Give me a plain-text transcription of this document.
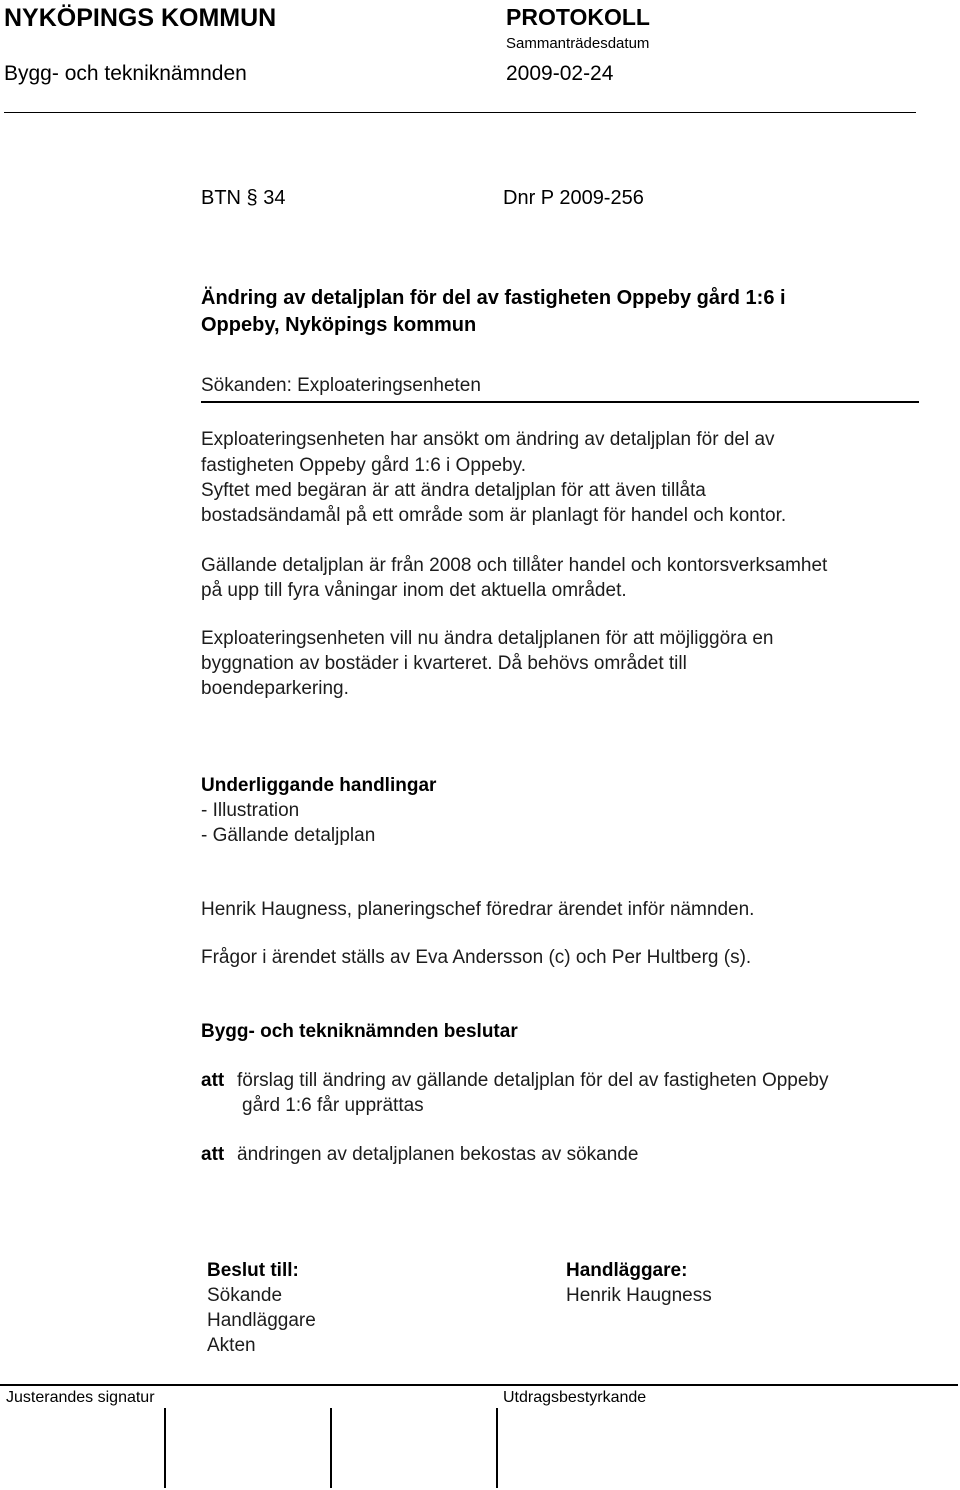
NYKÖPINGS KOMMUN	PROTOKOLL
Sammanträdesdatum
Bygg- och tekniknämnden	2009-02-24
BTN § 34	Dnr P 2009-256
Ändring av detaljplan för del av fastigheten Oppeby gård 1:6 i
Oppeby, Nyköpings kommun
Sökanden: Exploateringsenheten
Exploateringsenheten har ansökt om ändring av detaljplan för del av
fastigheten Oppeby gård 1:6 i Oppeby.
Syftet med begäran är att ändra detaljplan för att även tillåta
bostadsändamål på ett område som är planlagt för handel och kontor.
Gällande detaljplan är från 2008 och tillåter handel och kontorsverksamhet
på upp till fyra våningar inom det aktuella området.
Exploateringsenheten vill nu ändra detaljplanen för att möjliggöra en
byggnation av bostäder i kvarteret. Då behövs området till
boendeparkering.
Underliggande handlingar
- Illustration
- Gällande detaljplan
Henrik Haugness, planeringschef föredrar ärendet inför nämnden.
Frågor i ärendet ställs av Eva Andersson (c) och Per Hultberg (s).
Bygg- och tekniknämnden beslutar
att förslag till ändring av gällande detaljplan för del av fastigheten Oppeby
gård 1:6 får upprättas
att ändringen av detaljplanen bekostas av sökande
Beslut till:
Sökande
Handläggare
Akten
Handläggare:
Henrik Haugness
Justerandes signatur	Utdragsbestyrkande
